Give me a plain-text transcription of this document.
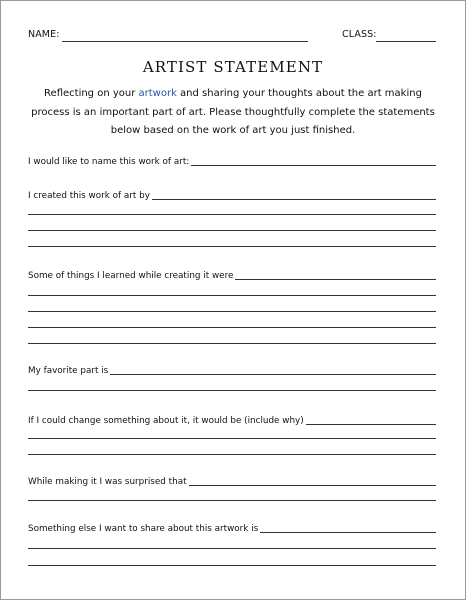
NAME:	CLASS:
ARTIST STATEMENT
Reflecting on your artwork and sharing your thoughts about the art making process is an important part of art. Please thoughtfully complete the statements below based on the work of art you just finished.
I would like to name this work of art:
I created this work of art by
Some of things I learned while creating it were
My favorite part is
If I could change something about it, it would be (include why)
While making it I was surprised that
Something else I want to share about this artwork is
